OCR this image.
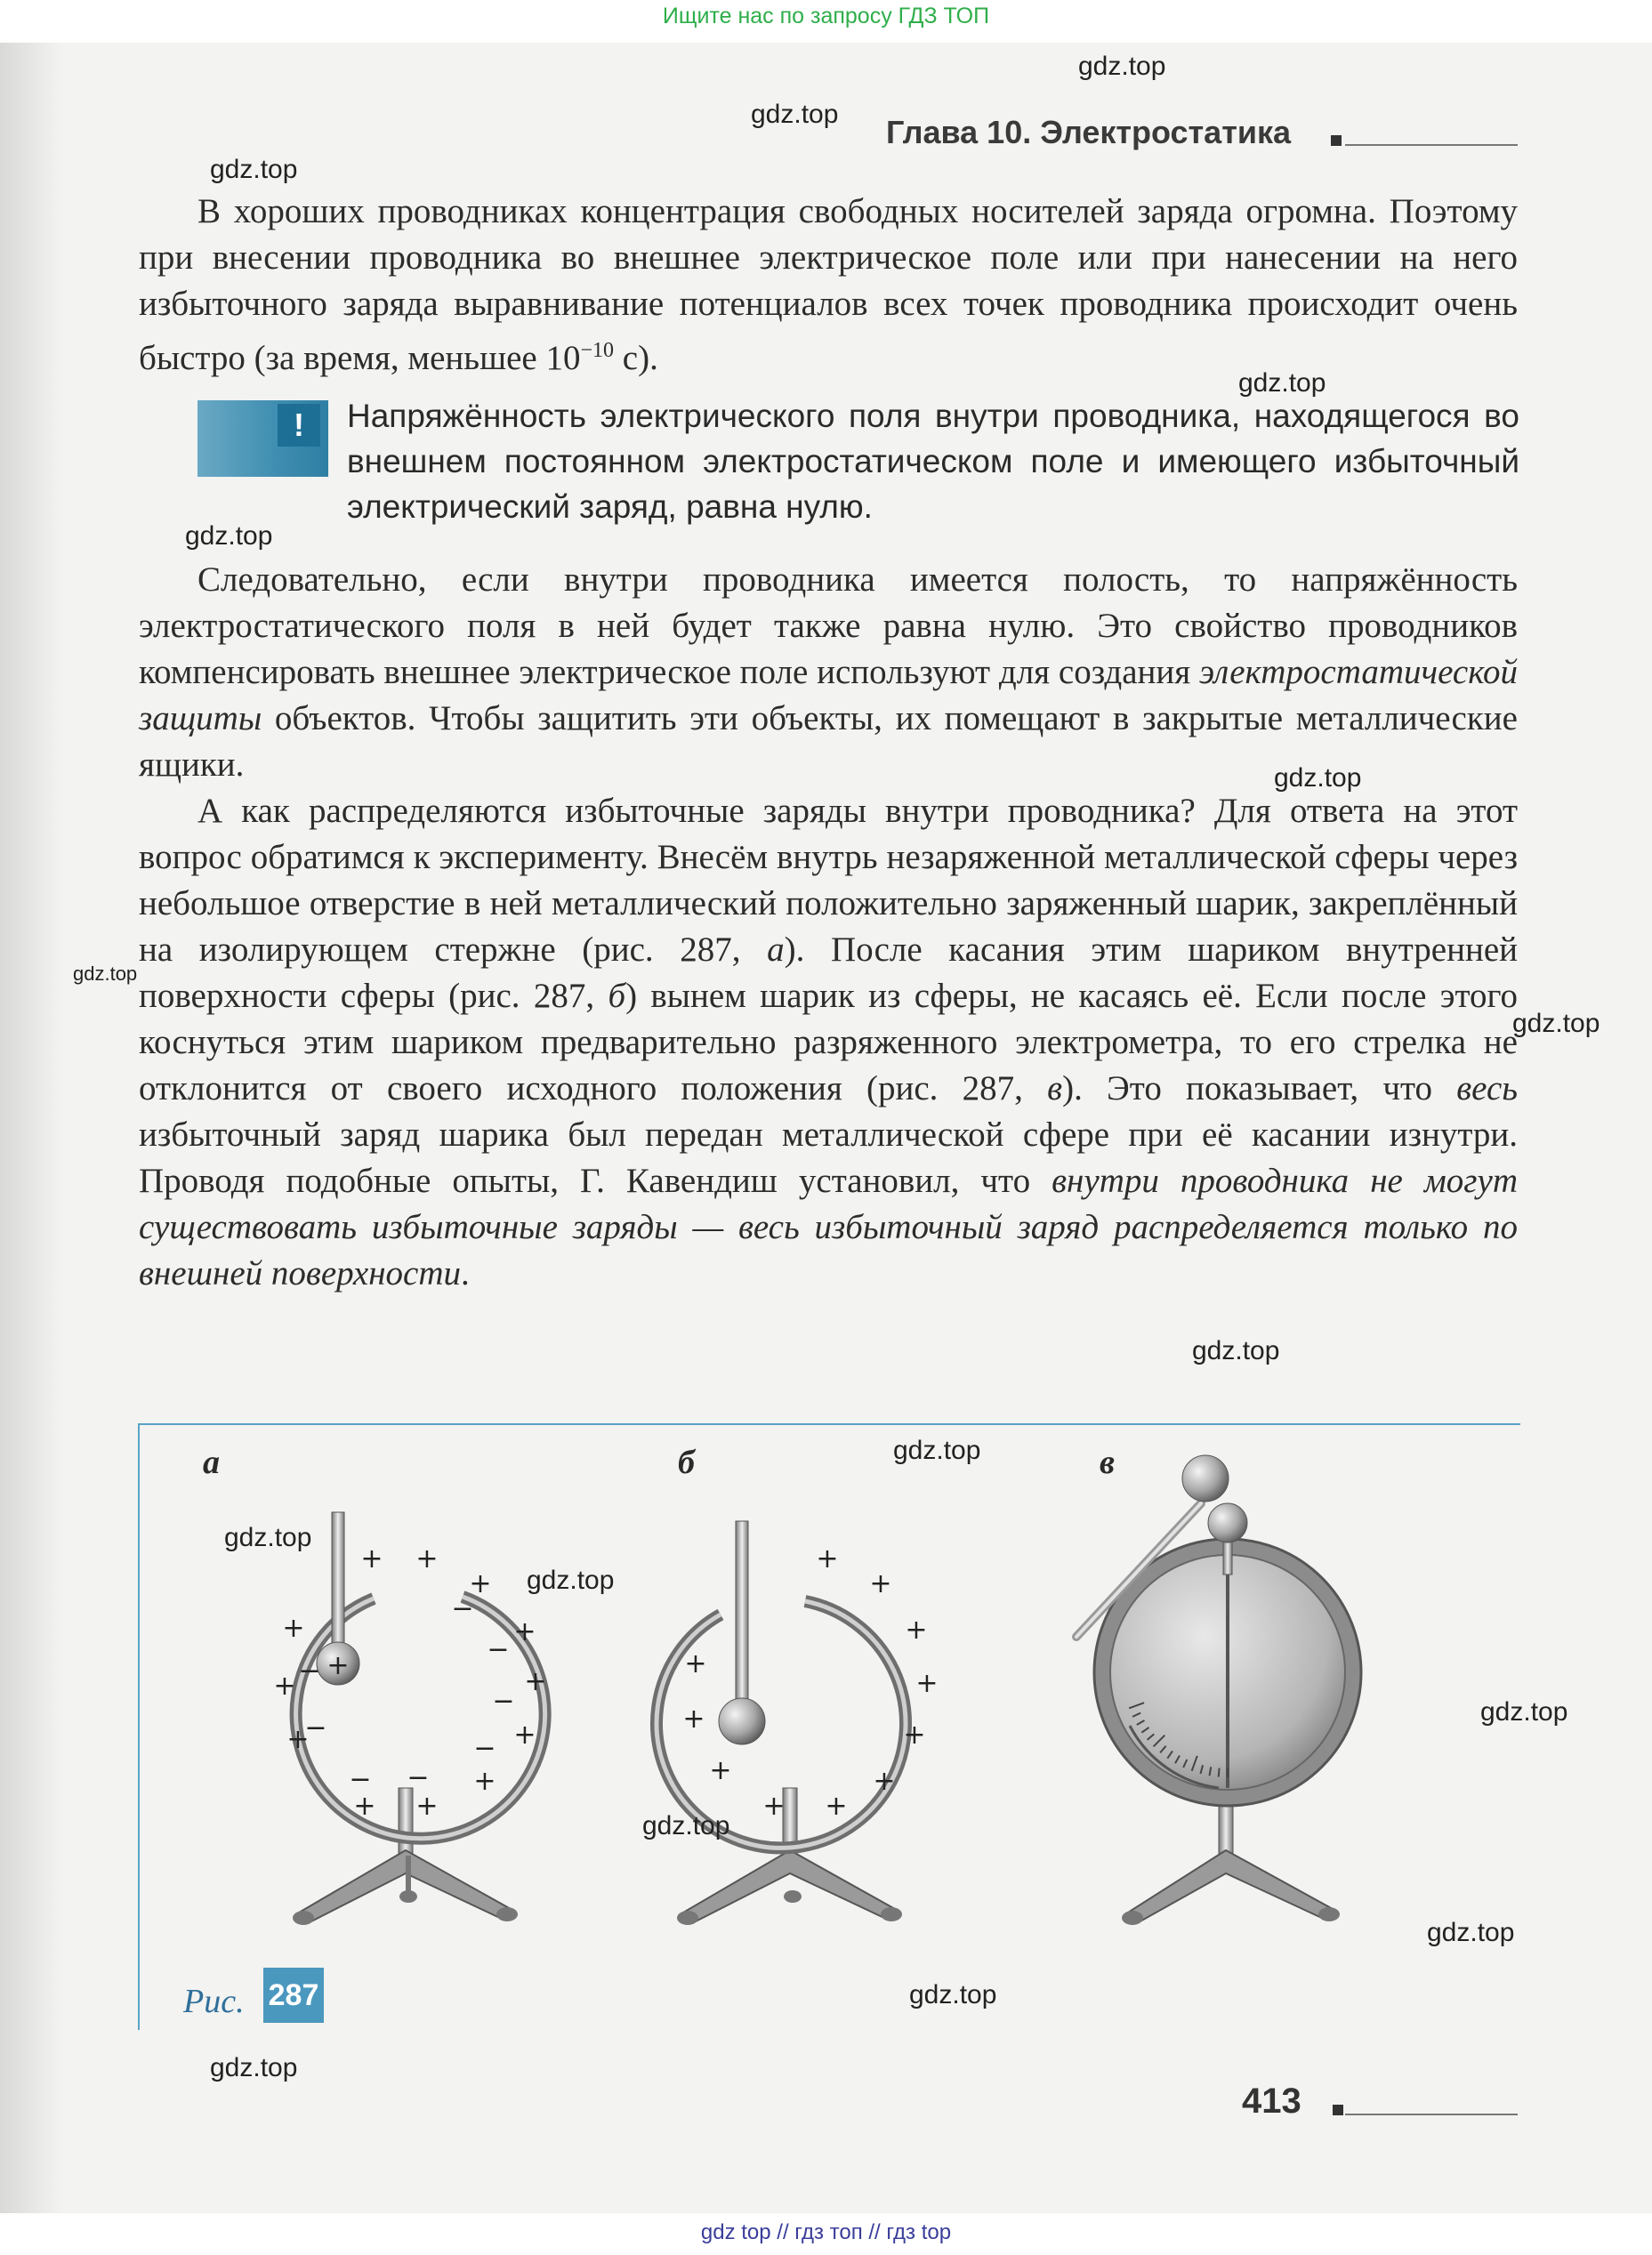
Ищите нас по запросу ГДЗ ТОП
Глава 10. Электростатика
В хороших проводниках концентрация свободных носителей заряда огромна. Поэтому при внесении проводника во внешнее электрическое поле или при нанесении на него избыточного заряда выравнивание потенциалов всех точек проводника происходит очень быстро (за время, меньшее $10^{-10}$ с).
!	Напряжённость электрического поля внутри проводника, находящегося во внешнем постоянном электростатическом поле и имеющего избыточный электрический заряд, равна нулю.
Следовательно, если внутри проводника имеется полость, то напряжённость электростатического поля в ней будет также равна нулю. Это свойство проводников компенсировать внешнее электрическое поле используют для создания электростатической защиты объектов. Чтобы защитить эти объекты, их помещают в закрытые металлические ящики.
А как распределяются избыточные заряды внутри проводника? Для ответа на этот вопрос обратимся к эксперименту. Внесём внутрь незаряженной металлической сферы через небольшое отверстие в ней металлический положительно заряженный шарик, закреплённый на изолирующем стержне (рис. 287, а). После касания этим шариком внутренней поверхности сферы (рис. 287, б) вынем шарик из сферы, не касаясь её. Если после этого коснуться этим шариком предварительно разряженного электрометра, то его стрелка не отклонится от своего исходного положения (рис. 287, в). Это показывает, что весь избыточный заряд шарика был передан металлической сфере при её касании изнутри. Проводя подобные опыты, Г. Кавендиш установил, что внутри проводника не могут существовать избыточные заряды — весь избыточный заряд распределяется только по внешней поверхности.
а	б	в
+ +
+
+
+
+
+
+
+
+
+
+
−
−
−
−
−
−
−
− +
+
+
+
+
+
+
+
+
+
+
+
Рис. 287
413
gdz.top
gdz.top
gdz.top
gdz.top
gdz.top
gdz.top
gdz.top
gdz.top
gdz.top
gdz.top
gdz.top
gdz.top
gdz.top
gdz.top
gdz.top
gdz.top
gdz.top
gdz top // гдз топ // гдз top
